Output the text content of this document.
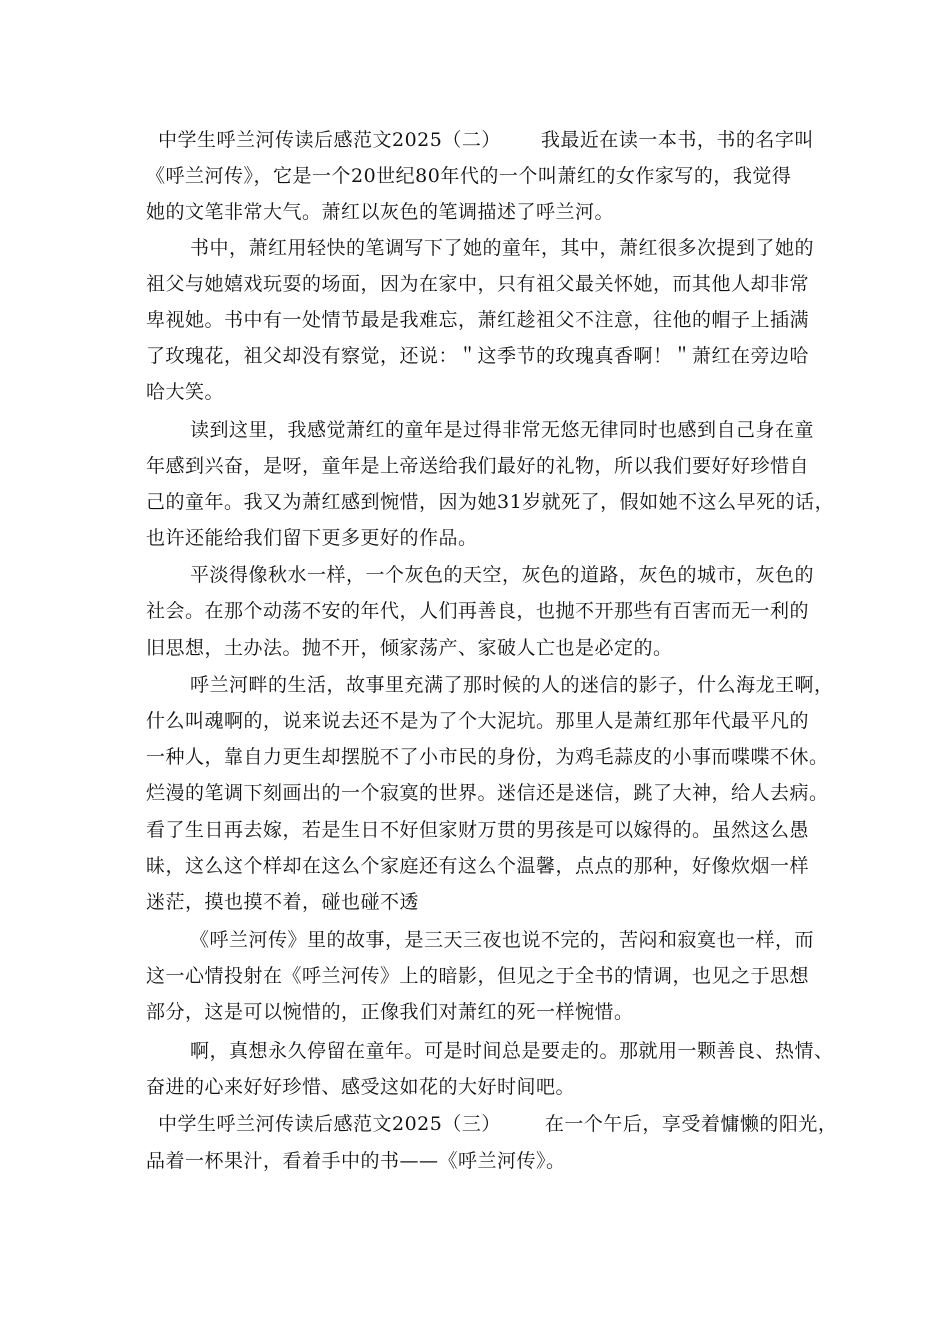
中学生呼兰河传读后感范文2025（二） 我最近在读一本书，书的名字叫
《呼兰河传》，它是一个20世纪80年代的一个叫萧红的女作家写的，我觉得
她的文笔非常大气。萧红以灰色的笔调描述了呼兰河。
书中，萧红用轻快的笔调写下了她的童年，其中，萧红很多次提到了她的
祖父与她嬉戏玩耍的场面，因为在家中，只有祖父最关怀她，而其他人却非常
卑视她。书中有一处情节最是我难忘，萧红趁祖父不注意，往他的帽子上插满
了玫瑰花，祖父却没有察觉，还说：＂这季节的玫瑰真香啊！＂萧红在旁边哈
哈大笑。
读到这里，我感觉萧红的童年是过得非常无悠无律同时也感到自己身在童
年感到兴奋，是呀，童年是上帝送给我们最好的礼物，所以我们要好好珍惜自
己的童年。我又为萧红感到惋惜，因为她31岁就死了，假如她不这么早死的话，
也许还能给我们留下更多更好的作品。
平淡得像秋水一样，一个灰色的天空，灰色的道路，灰色的城市，灰色的
社会。在那个动荡不安的年代，人们再善良，也抛不开那些有百害而无一利的
旧思想，土办法。抛不开，倾家荡产、家破人亡也是必定的。
呼兰河畔的生活，故事里充满了那时候的人的迷信的影子，什么海龙王啊，
什么叫魂啊的，说来说去还不是为了个大泥坑。那里人是萧红那年代最平凡的
一种人，靠自力更生却摆脱不了小市民的身份，为鸡毛蒜皮的小事而喋喋不休。
烂漫的笔调下刻画出的一个寂寞的世界。迷信还是迷信，跳了大神，给人去病。
看了生日再去嫁，若是生日不好但家财万贯的男孩是可以嫁得的。虽然这么愚
昧，这么这个样却在这么个家庭还有这么个温馨，点点的那种，好像炊烟一样
迷茫，摸也摸不着，碰也碰不透
《呼兰河传》里的故事，是三天三夜也说不完的，苦闷和寂寞也一样，而
这一心情投射在《呼兰河传》上的暗影，但见之于全书的情调，也见之于思想
部分，这是可以惋惜的，正像我们对萧红的死一样惋惜。
啊，真想永久停留在童年。可是时间总是要走的。那就用一颗善良、热情、
奋进的心来好好珍惜、感受这如花的大好时间吧。
中学生呼兰河传读后感范文2025（三） 在一个午后，享受着慵懒的阳光，
品着一杯果汁，看着手中的书——《呼兰河传》。
